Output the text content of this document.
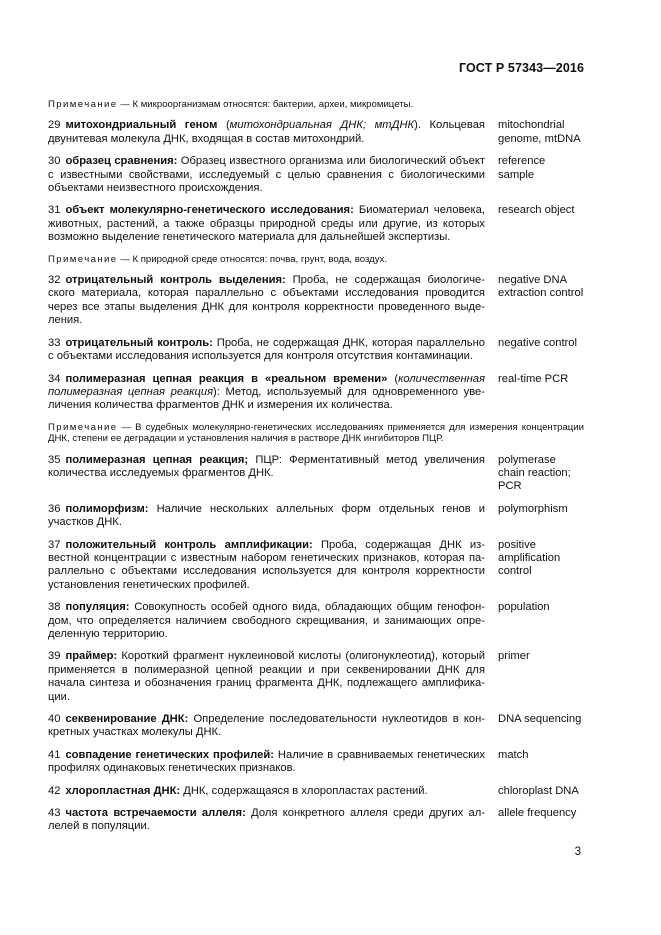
ГОСТ Р 57343—2016
Примечание — К микроорганизмам относятся: бактерии, археи, микромицеты.
29 митохондриальный геном (митохондриальная ДНК; мтДНК). Кольцевая двунитевая молекула ДНК, входящая в состав митохондрий.
mitochondrial genome, mtDNA
30 образец сравнения: Образец известного организма или биологический объект с известными свойствами, исследуемый с целью сравнения с биологическими объектами неизвестного происхождения.
reference sample
31 объект молекулярно-генетического исследования: Биоматериал человека, животных, растений, а также образцы природной среды или другие, из которых возможно выделение генетического материала для дальнейшей экспертизы.
research object
Примечание — К природной среде относятся: почва, грунт, вода, воздух.
32 отрицательный контроль выделения: Проба, не содержащая биологического материала, которая параллельно с объектами исследования проводится через все этапы выделения ДНК для контроля корректности проведенного выделения.
negative DNA extraction control
33 отрицательный контроль: Проба, не содержащая ДНК, которая параллельно с объектами исследования используется для контроля отсутствия контаминации.
negative control
34 полимеразная цепная реакция в «реальном времени» (количественная полимеразная цепная реакция): Метод, используемый для одновременного увеличения количества фрагментов ДНК и измерения их количества.
real-time PCR
Примечание — В судебных молекулярно-генетических исследованиях применяется для измерения концентрации ДНК, степени ее деградации и установления наличия в растворе ДНК ингибиторов ПЦР.
35 полимеразная цепная реакция; ПЦР: Ферментативный метод увеличения количества исследуемых фрагментов ДНК.
polymerase chain reaction; PCR
36 полиморфизм: Наличие нескольких аллельных форм отдельных генов и участков ДНК.
polymorphism
37 положительный контроль амплификации: Проба, содержащая ДНК известной концентрации с известным набором генетических признаков, которая параллельно с объектами исследования используется для контроля корректности установления генетических профилей.
positive amplification control
38 популяция: Совокупность особей одного вида, обладающих общим генофондом, что определяется наличием свободного скрещивания, и занимающих определенную территорию.
population
39 праймер: Короткий фрагмент нуклеиновой кислоты (олигонуклеотид), который применяется в полимеразной цепной реакции и при секвенировании ДНК для начала синтеза и обозначения границ фрагмента ДНК, подлежащего амплификации.
primer
40 секвенирование ДНК: Определение последовательности нуклеотидов в конкретных участках молекулы ДНК.
DNA sequencing
41 совпадение генетических профилей: Наличие в сравниваемых генетических профилях одинаковых генетических признаков.
match
42 хлоропластная ДНК: ДНК, содержащаяся в хлоропластах растений.	chloroplast DNA
43 частота встречаемости аллеля: Доля конкретного аллеля среди других аллелей в популяции.
allele frequency
3
